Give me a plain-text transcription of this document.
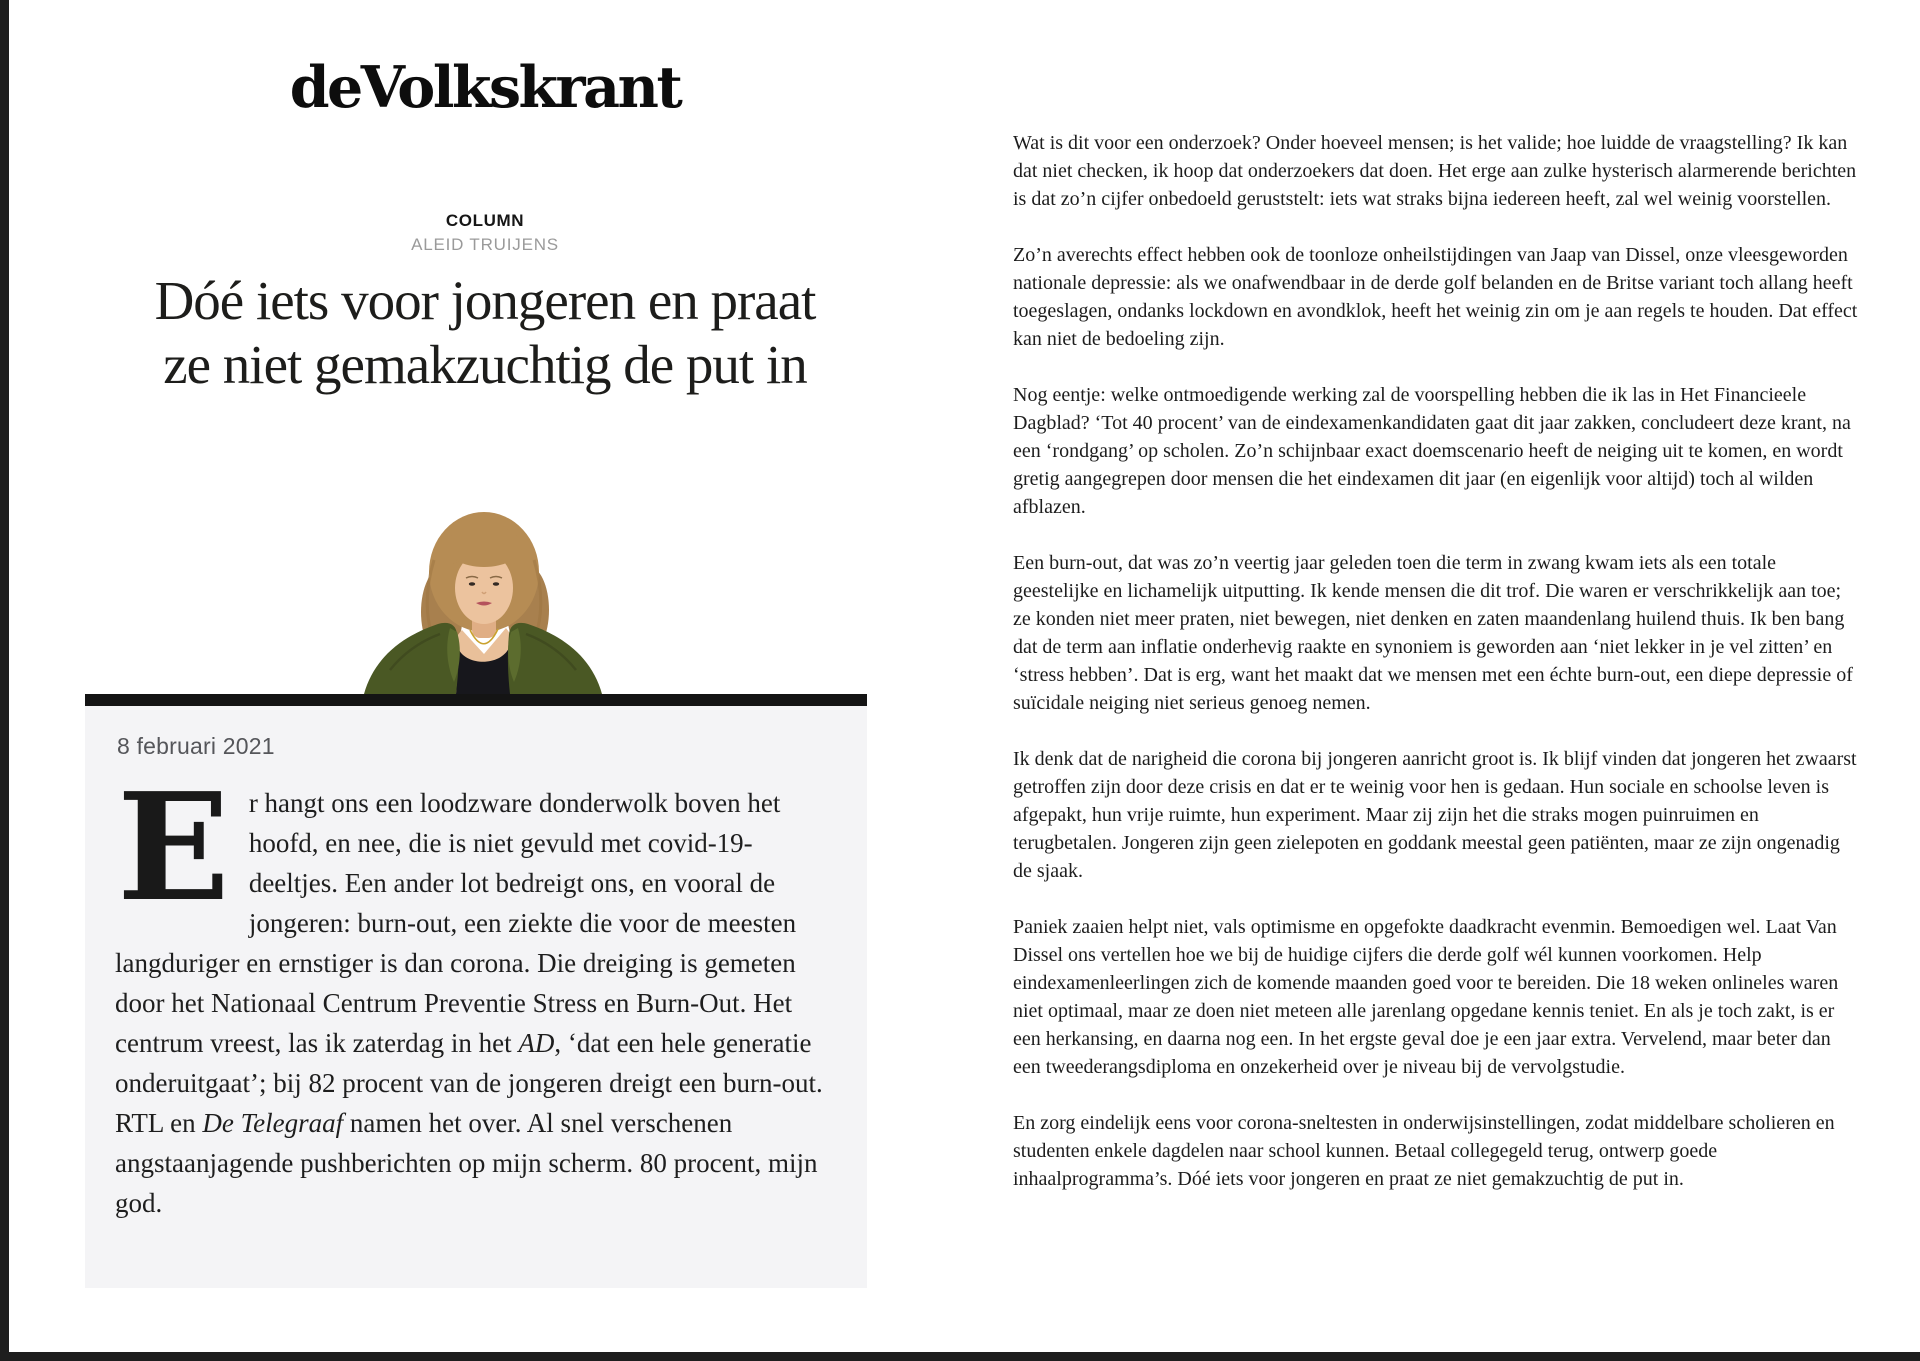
deVolkskrant
COLUMN
ALEID TRUIJENS
Dóé iets voor jongeren en praat
ze niet gemakzuchtig de put in
8 februari 2021

Er hangt ons een loodzware donderwolk boven het hoofd, en nee, die is niet gevuld met covid-19-deeltjes. Een ander lot bedreigt ons, en vooral de jongeren: burn-out, een ziekte die voor de meesten langduriger en ernstiger is dan corona. Die dreiging is gemeten door het Nationaal Centrum Preventie Stress en Burn-Out. Het centrum vreest, las ik zaterdag in het AD, ‘dat een hele generatie onderuitgaat’; bij 82 procent van de jongeren dreigt een burn-out. RTL en De Telegraaf namen het over. Al snel verschenen angstaanjagende pushberichten op mijn scherm. 80 procent, mijn god.

Wat is dit voor een onderzoek? Onder hoeveel mensen; is het valide; hoe luidde de vraagstelling? Ik kan dat niet checken, ik hoop dat onderzoekers dat doen. Het erge aan zulke hysterisch alarmerende berichten is dat zo’n cijfer onbedoeld geruststelt: iets wat straks bijna iedereen heeft, zal wel weinig voorstellen.

Zo’n averechts effect hebben ook de toonloze onheilstijdingen van Jaap van Dissel, onze vleesgeworden nationale depressie: als we onafwendbaar in de derde golf belanden en de Britse variant toch allang heeft toegeslagen, ondanks lockdown en avondklok, heeft het weinig zin om je aan regels te houden. Dat effect kan niet de bedoeling zijn.

Nog eentje: welke ontmoedigende werking zal de voorspelling hebben die ik las in Het Financieele Dagblad? ‘Tot 40 procent’ van de eindexamenkandidaten gaat dit jaar zakken, concludeert deze krant, na een ‘rondgang’ op scholen. Zo’n schijnbaar exact doemscenario heeft de neiging uit te komen, en wordt gretig aangegrepen door mensen die het eindexamen dit jaar (en eigenlijk voor altijd) toch al wilden afblazen.

Een burn-out, dat was zo’n veertig jaar geleden toen die term in zwang kwam iets als een totale geestelijke en lichamelijk uitputting. Ik kende mensen die dit trof. Die waren er verschrikkelijk aan toe; ze konden niet meer praten, niet bewegen, niet denken en zaten maandenlang huilend thuis. Ik ben bang dat de term aan inflatie onderhevig raakte en synoniem is geworden aan ‘niet lekker in je vel zitten’ en ‘stress hebben’. Dat is erg, want het maakt dat we mensen met een échte burn-out, een diepe depressie of suïcidale neiging niet serieus genoeg nemen.

Ik denk dat de narigheid die corona bij jongeren aanricht groot is. Ik blijf vinden dat jongeren het zwaarst getroffen zijn door deze crisis en dat er te weinig voor hen is gedaan. Hun sociale en schoolse leven is afgepakt, hun vrije ruimte, hun experiment. Maar zij zijn het die straks mogen puinruimen en terugbetalen. Jongeren zijn geen zielepoten en goddank meestal geen patiënten, maar ze zijn ongenadig de sjaak.

Paniek zaaien helpt niet, vals optimisme en opgefokte daadkracht evenmin. Bemoedigen wel. Laat Van Dissel ons vertellen hoe we bij de huidige cijfers die derde golf wél kunnen voorkomen. Help eindexamenleerlingen zich de komende maanden goed voor te bereiden. Die 18 weken onlineles waren niet optimaal, maar ze doen niet meteen alle jarenlang opgedane kennis teniet. En als je toch zakt, is er een herkansing, en daarna nog een. In het ergste geval doe je een jaar extra. Vervelend, maar beter dan een tweederangsdiploma en onzekerheid over je niveau bij de vervolgstudie.

En zorg eindelijk eens voor corona-sneltesten in onderwijsinstellingen, zodat middelbare scholieren en studenten enkele dagdelen naar school kunnen. Betaal collegegeld terug, ontwerp goede inhaalprogramma’s. Dóé iets voor jongeren en praat ze niet gemakzuchtig de put in.
